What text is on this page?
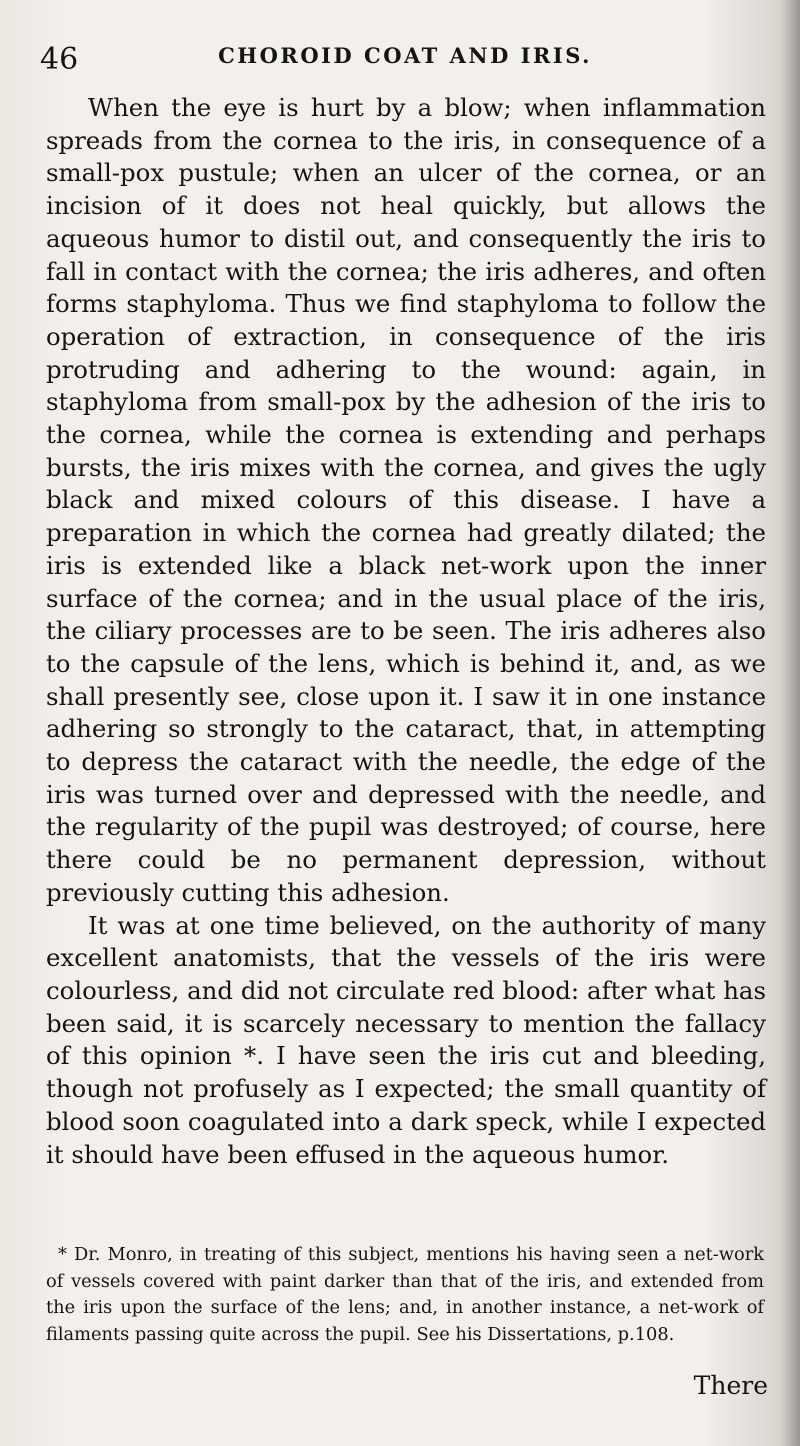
46	CHOROID COAT AND IRIS.

When the eye is hurt by a blow; when inflammation spreads from the cornea to the iris, in consequence of a small-pox pustule; when an ulcer of the cornea, or an incision of it does not heal quickly, but allows the aqueous humor to distil out, and consequently the iris to fall in contact with the cornea; the iris adheres, and often forms staphyloma. Thus we find staphyloma to follow the operation of extraction, in consequence of the iris protruding and adhering to the wound: again, in staphyloma from small-pox by the adhesion of the iris to the cornea, while the cornea is extending and perhaps bursts, the iris mixes with the cornea, and gives the ugly black and mixed colours of this disease. I have a preparation in which the cornea had greatly dilated; the iris is extended like a black net-work upon the inner surface of the cornea; and in the usual place of the iris, the ciliary processes are to be seen. The iris adheres also to the capsule of the lens, which is behind it, and, as we shall presently see, close upon it. I saw it in one instance adhering so strongly to the cataract, that, in attempting to depress the cataract with the needle, the edge of the iris was turned over and depressed with the needle, and the regularity of the pupil was destroyed; of course, here there could be no permanent depression, without previously cutting this adhesion.

It was at one time believed, on the authority of many excellent anatomists, that the vessels of the iris were colourless, and did not circulate red blood: after what has been said, it is scarcely necessary to mention the fallacy of this opinion *. I have seen the iris cut and bleeding, though not profusely as I expected; the small quantity of blood soon coagulated into a dark speck, while I expected it should have been effused in the aqueous humor.

* Dr. Monro, in treating of this subject, mentions his having seen a net-work of vessels covered with paint darker than that of the iris, and extended from the iris upon the surface of the lens; and, in another instance, a net-work of filaments passing quite across the pupil. See his Dissertations, p.108.

There
